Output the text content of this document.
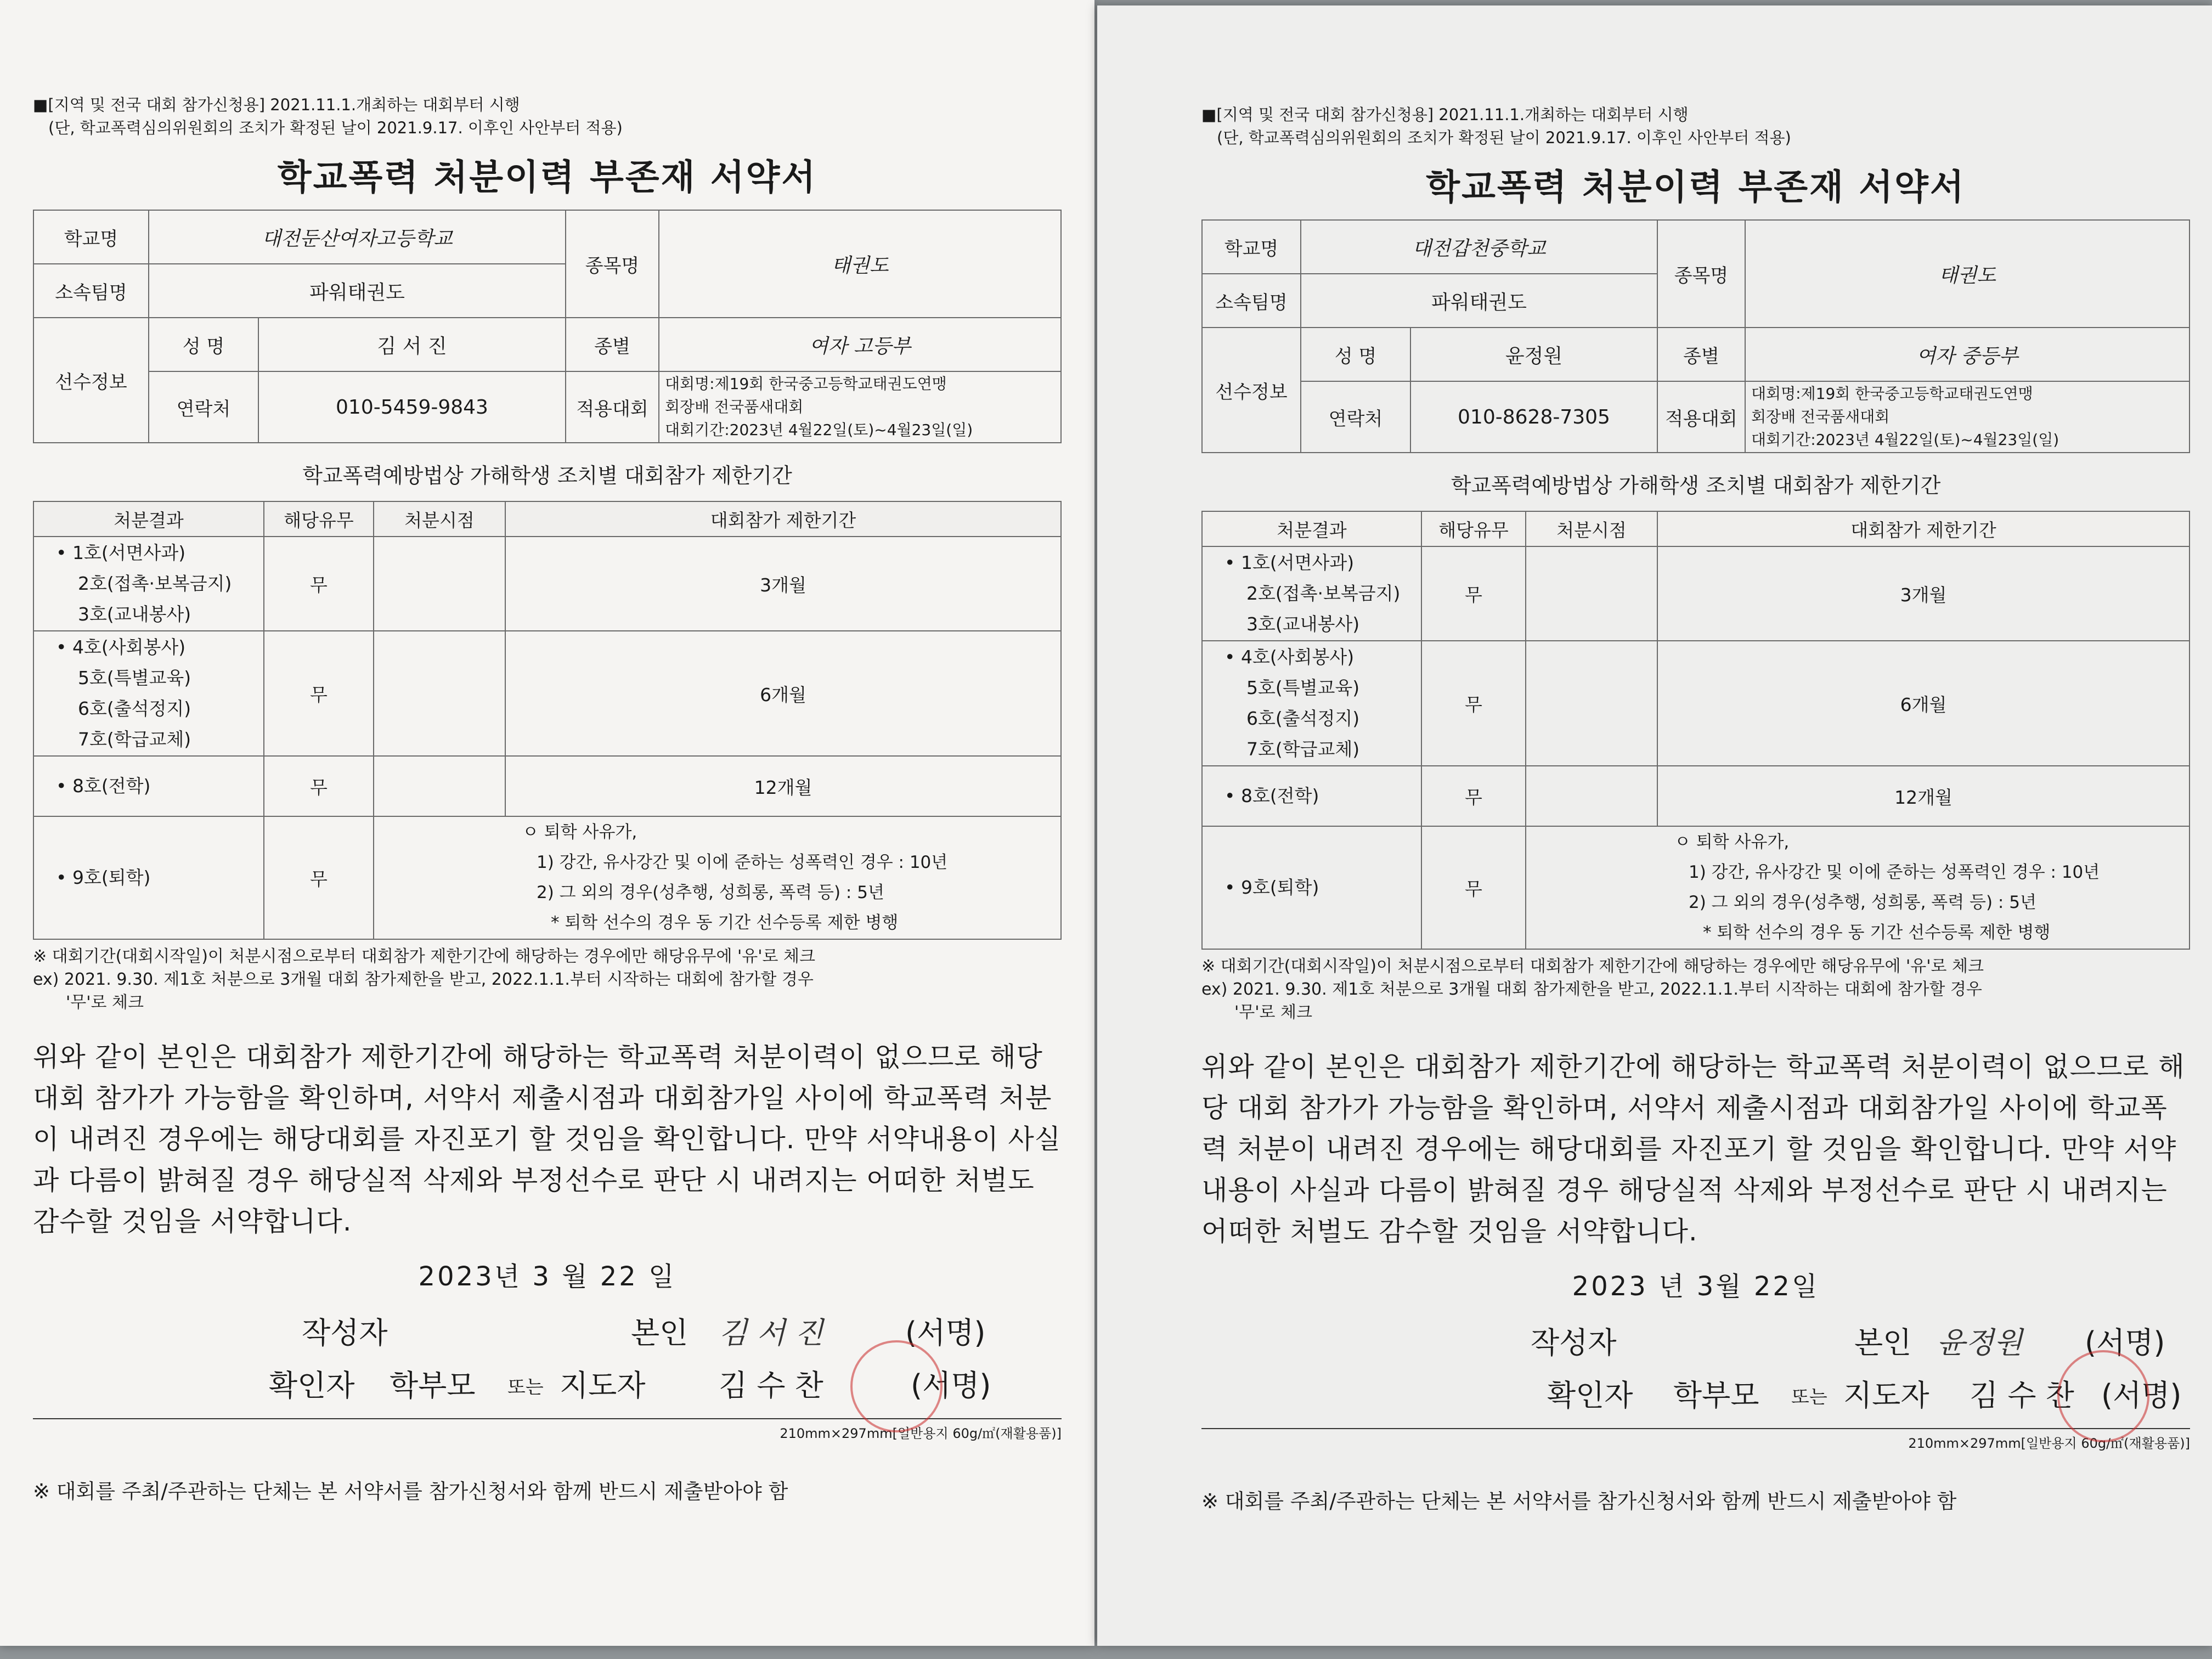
■[지역 및 전국 대회 참가신청용] 2021.11.1.개최하는 대회부터 시행
(단, 학교폭력심의위원회의 조치가 확정된 날이 2021.9.17. 이후인 사안부터 적용)
학교폭력 처분이력 부존재 서약서
학교명	대전둔산여자고등학교		종목명	태권도
소속팀명	파워태권도			
선수정보	성 명	김 서 진	종별	여자 고등부
	연락처	010-5459-9843	적용대회	대회명:제19회 한국중고등학교태권도연맹
회장배 전국품새대회
대회기간:2023년 4월22일(토)~4월23일(일)
학교폭력예방법상 가해학생 조치별 대회참가 제한기간
처분결과	해당유무	처분시점	대회참가 제한기간

• 1호(서면사과)
2호(접촉·보복금지)
3호(교내봉사)	무		3개월

• 4호(사회봉사)
5호(특별교육)
6호(출석정지)
7호(학급교체)	무		6개월

• 8호(전학)	무		12개월

• 9호(퇴학)	무	ㅇ 퇴학 사유가,
1) 강간, 유사강간 및 이에 준하는 성폭력인 경우 : 10년
2) 그 외의 경우(성추행, 성희롱, 폭력 등) : 5년
* 퇴학 선수의 경우 동 기간 선수등록 제한 병행	
※ 대회기간(대회시작일)이 처분시점으로부터 대회참가 제한기간에 해당하는 경우에만 해당유무에 '유'로 체크
ex) 2021. 9.30. 제1호 처분으로 3개월 대회 참가제한을 받고, 2022.1.1.부터 시작하는 대회에 참가할 경우
'무'로 체크
위와 같이 본인은 대회참가 제한기간에 해당하는 학교폭력 처분이력이 없으므로 해당 대회 참가가 가능함을 확인하며, 서약서 제출시점과 대회참가일 사이에 학교폭력 처분이 내려진 경우에는 해당대회를 자진포기 할 것임을 확인합니다. 만약 서약내용이 사실과 다름이 밝혀질 경우 해당실적 삭제와 부정선수로 판단 시 내려지는 어떠한 처벌도 감수할 것임을 서약합니다.
2023년 3 월 22 일
작성자	본인 김 서 진	(서명)
확인자 학부모 또는 지도자 김 수 찬	(서명)
210mm×297mm[일반용지 60g/㎡(재활용품)]
※ 대회를 주최/주관하는 단체는 본 서약서를 참가신청서와 함께 반드시 제출받아야 함
■[지역 및 전국 대회 참가신청용] 2021.11.1.개최하는 대회부터 시행
(단, 학교폭력심의위원회의 조치가 확정된 날이 2021.9.17. 이후인 사안부터 적용)
학교폭력 처분이력 부존재 서약서
학교명	대전갑천중학교		종목명	태권도
소속팀명	파워태권도			
선수정보	성 명	윤정원	종별	여자 중등부
	연락처	010-8628-7305	적용대회	대회명:제19회 한국중고등학교태권도연맹
회장배 전국품새대회
대회기간:2023년 4월22일(토)~4월23일(일)
학교폭력예방법상 가해학생 조치별 대회참가 제한기간
처분결과	해당유무	처분시점	대회참가 제한기간

• 1호(서면사과)
2호(접촉·보복금지)
3호(교내봉사)	무		3개월

• 4호(사회봉사)
5호(특별교육)
6호(출석정지)
7호(학급교체)	무		6개월

• 8호(전학)	무		12개월

• 9호(퇴학)	무	ㅇ 퇴학 사유가,
1) 강간, 유사강간 및 이에 준하는 성폭력인 경우 : 10년
2) 그 외의 경우(성추행, 성희롱, 폭력 등) : 5년
* 퇴학 선수의 경우 동 기간 선수등록 제한 병행	
※ 대회기간(대회시작일)이 처분시점으로부터 대회참가 제한기간에 해당하는 경우에만 해당유무에 '유'로 체크
ex) 2021. 9.30. 제1호 처분으로 3개월 대회 참가제한을 받고, 2022.1.1.부터 시작하는 대회에 참가할 경우
'무'로 체크
위와 같이 본인은 대회참가 제한기간에 해당하는 학교폭력 처분이력이 없으므로 해당 대회 참가가 가능함을 확인하며, 서약서 제출시점과 대회참가일 사이에 학교폭력 처분이 내려진 경우에는 해당대회를 자진포기 할 것임을 확인합니다. 만약 서약내용이 사실과 다름이 밝혀질 경우 해당실적 삭제와 부정선수로 판단 시 내려지는 어떠한 처벌도 감수할 것임을 서약합니다.
2023 년 3월 22일
작성자	본인 윤정원 (서명)
확인자 학부모 또는 지도자 김 수 찬 (서명)
210mm×297mm[일반용지 60g/㎡(재활용품)]
※ 대회를 주최/주관하는 단체는 본 서약서를 참가신청서와 함께 반드시 제출받아야 함
